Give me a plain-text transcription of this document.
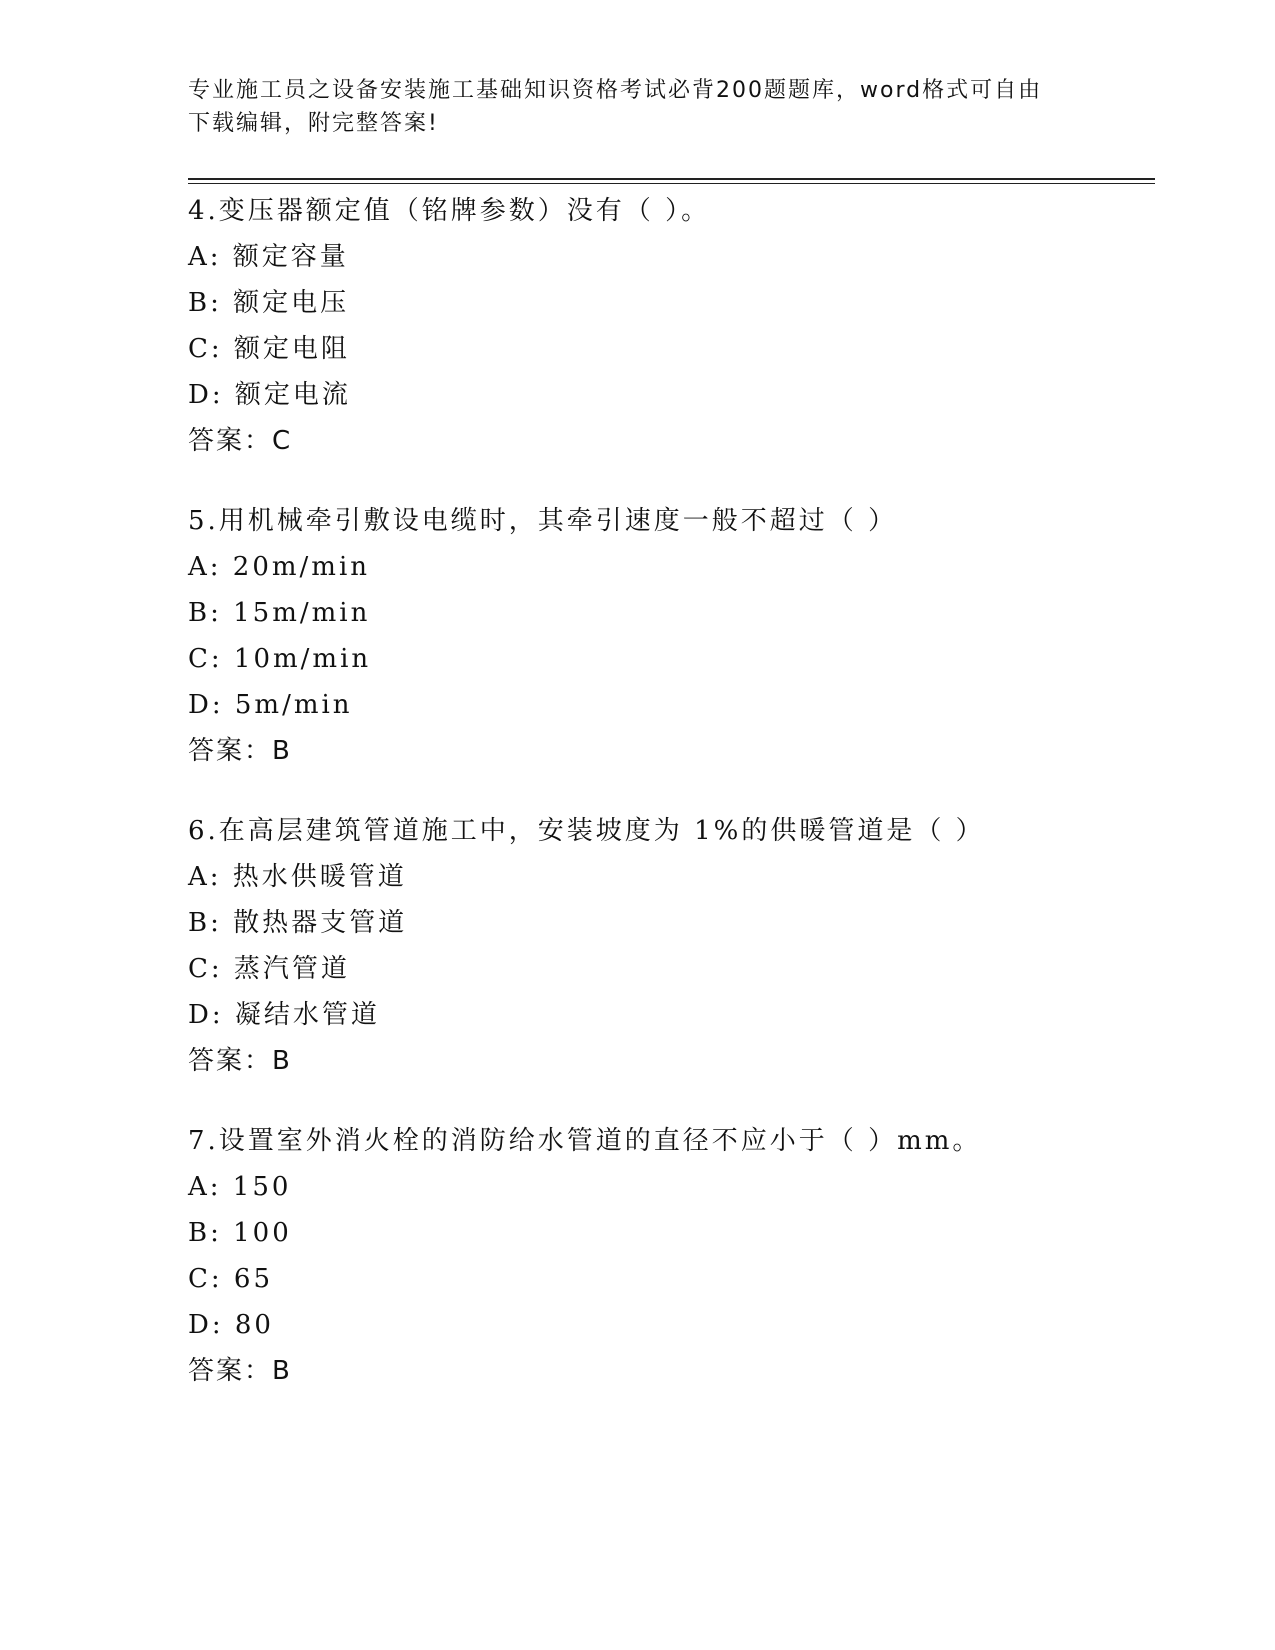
专业施工员之设备安装施工基础知识资格考试必背200题题库，word格式可自由
下载编辑，附完整答案!
4.变压器额定值（铭牌参数）没有（ ）。
A: 额定容量
B: 额定电压
C: 额定电阻
D: 额定电流
答案：C
5.用机械牵引敷设电缆时，其牵引速度一般不超过（ ）
A: 20m/min
B: 15m/min
C: 10m/min
D: 5m/min
答案：B
6.在高层建筑管道施工中，安装坡度为 1%的供暖管道是（ ）
A: 热水供暖管道
B: 散热器支管道
C: 蒸汽管道
D: 凝结水管道
答案：B
7.设置室外消火栓的消防给水管道的直径不应小于（ ）mm。
A: 150
B: 100
C: 65
D: 80
答案：B
